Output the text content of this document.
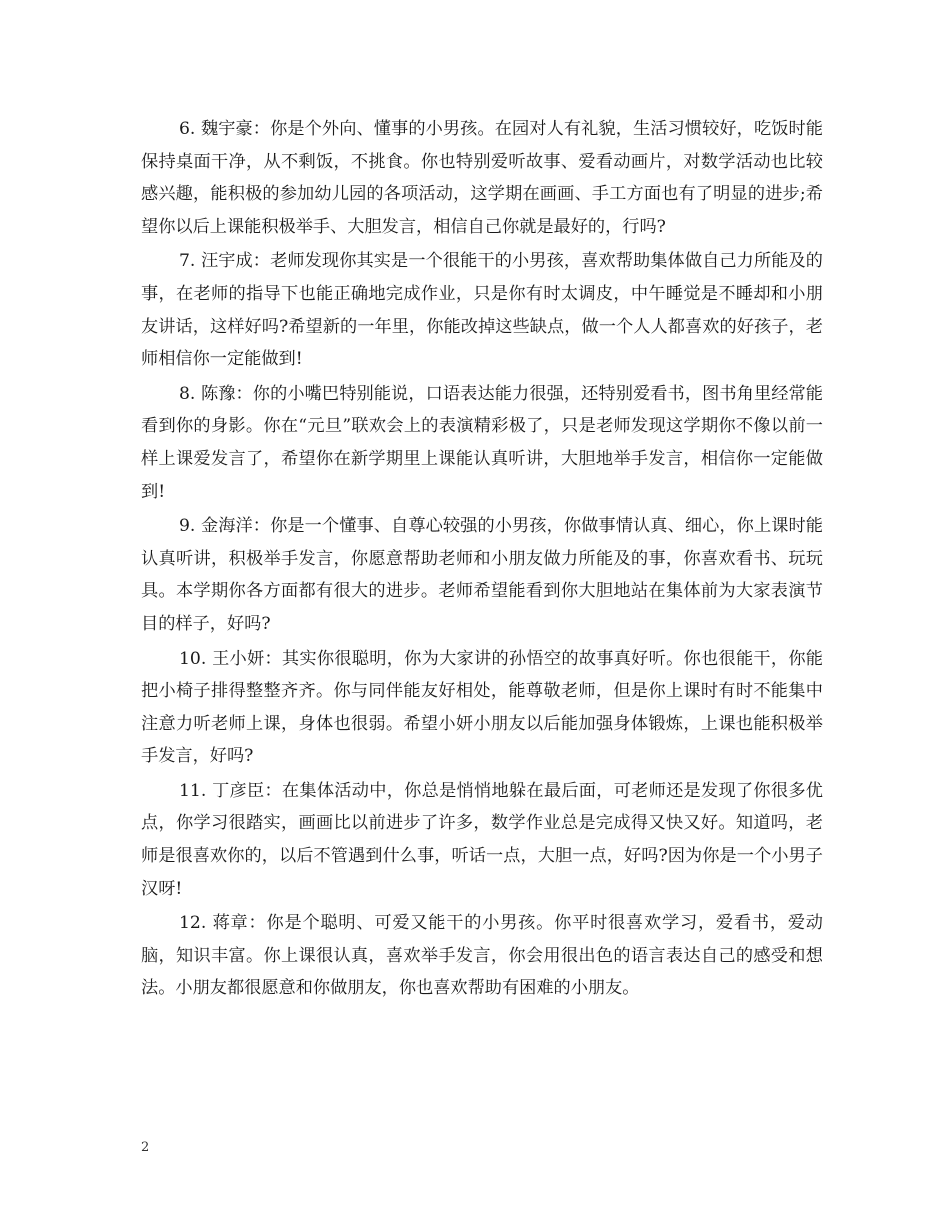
6. 魏宇豪：你是个外向、懂事的小男孩。在园对人有礼貌，生活习惯较好，吃饭时能保持桌面干净，从不剩饭，不挑食。你也特别爱听故事、爱看动画片，对数学活动也比较感兴趣，能积极的参加幼儿园的各项活动，这学期在画画、手工方面也有了明显的进步;希望你以后上课能积极举手、大胆发言，相信自己你就是最好的，行吗?

7. 汪宇成：老师发现你其实是一个很能干的小男孩，喜欢帮助集体做自己力所能及的事，在老师的指导下也能正确地完成作业，只是你有时太调皮，中午睡觉是不睡却和小朋友讲话，这样好吗?希望新的一年里，你能改掉这些缺点，做一个人人都喜欢的好孩子，老师相信你一定能做到!

8. 陈豫：你的小嘴巴特别能说，口语表达能力很强，还特别爱看书，图书角里经常能看到你的身影。你在“元旦”联欢会上的表演精彩极了，只是老师发现这学期你不像以前一样上课爱发言了，希望你在新学期里上课能认真听讲，大胆地举手发言，相信你一定能做到!

9. 金海洋：你是一个懂事、自尊心较强的小男孩，你做事情认真、细心，你上课时能认真听讲，积极举手发言，你愿意帮助老师和小朋友做力所能及的事，你喜欢看书、玩玩具。本学期你各方面都有很大的进步。老师希望能看到你大胆地站在集体前为大家表演节目的样子，好吗?

10. 王小妍：其实你很聪明，你为大家讲的孙悟空的故事真好听。你也很能干，你能把小椅子排得整整齐齐。你与同伴能友好相处，能尊敬老师，但是你上课时有时不能集中注意力听老师上课，身体也很弱。希望小妍小朋友以后能加强身体锻炼，上课也能积极举手发言，好吗?

11. 丁彦臣：在集体活动中，你总是悄悄地躲在最后面，可老师还是发现了你很多优点，你学习很踏实，画画比以前进步了许多，数学作业总是完成得又快又好。知道吗，老师是很喜欢你的，以后不管遇到什么事，听话一点，大胆一点，好吗?因为你是一个小男子汉呀!

12. 蒋章：你是个聪明、可爱又能干的小男孩。你平时很喜欢学习，爱看书，爱动脑，知识丰富。你上课很认真，喜欢举手发言，你会用很出色的语言表达自己的感受和想法。小朋友都很愿意和你做朋友，你也喜欢帮助有困难的小朋友。

2
